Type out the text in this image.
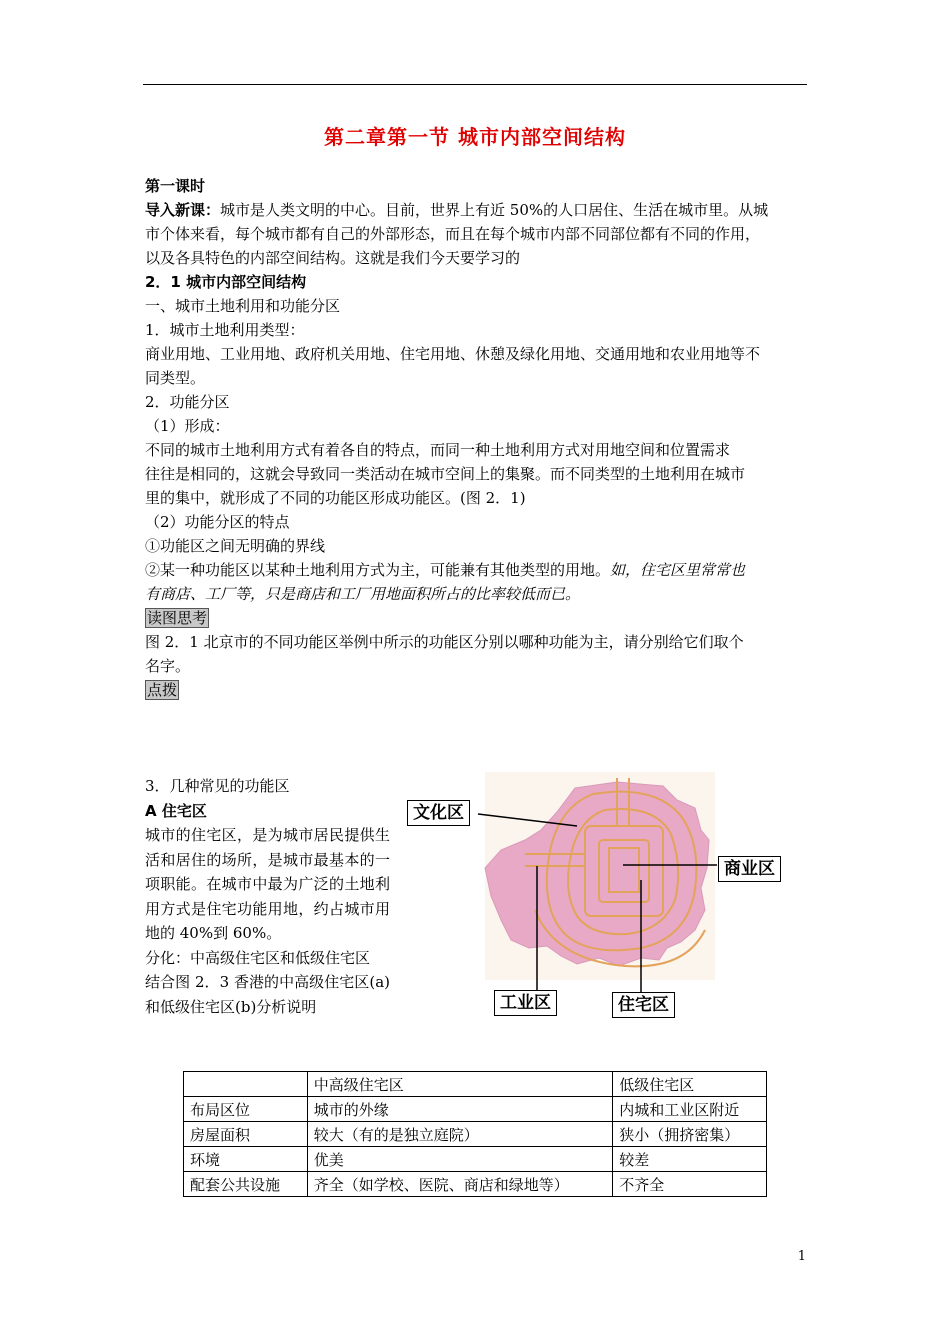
第二章第一节 城市内部空间结构
第一课时
导入新课：城市是人类文明的中心。目前，世界上有近 50%的人口居住、生活在城市里。从城
市个体来看，每个城市都有自己的外部形态，而且在每个城市内部不同部位都有不同的作用，
以及各具特色的内部空间结构。这就是我们今天要学习的
2．1 城市内部空间结构
一、城市土地利用和功能分区
1．城市土地利用类型：
商业用地、工业用地、政府机关用地、住宅用地、休憩及绿化用地、交通用地和农业用地等不
同类型。
2．功能分区
（1）形成：
不同的城市土地利用方式有着各自的特点，而同一种土地利用方式对用地空间和位置需求
往往是相同的，这就会导致同一类活动在城市空间上的集聚。而不同类型的土地利用在城市
里的集中，就形成了不同的功能区形成功能区。(图 2．1)
（2）功能分区的特点
①功能区之间无明确的界线
②某一种功能区以某种土地利用方式为主，可能兼有其他类型的用地。如，住宅区里常常也
有商店、工厂等，只是商店和工厂用地面积所占的比率较低而已。
读图思考
图 2．1 北京市的不同功能区举例中所示的功能区分别以哪种功能为主，请分别给它们取个
名字。
点拨
3．几种常见的功能区
A 住宅区
城市的住宅区，是为城市居民提供生活和居住的场所，是城市最基本的一项职能。在城市中最为广泛的土地利用方式是住宅功能用地，约占城市用地的 40%到 60%。
分化：中高级住宅区和低级住宅区
结合图 2．3 香港的中高级住宅区(a)和低级住宅区(b)分析说明
文化区
商业区
工业区	住宅区
	中高级住宅区	低级住宅区
布局区位	城市的外缘	内城和工业区附近
房屋面积	较大（有的是独立庭院）	狭小（拥挤密集）
环境	优美	较差
配套公共设施	齐全（如学校、医院、商店和绿地等）	不齐全
1
